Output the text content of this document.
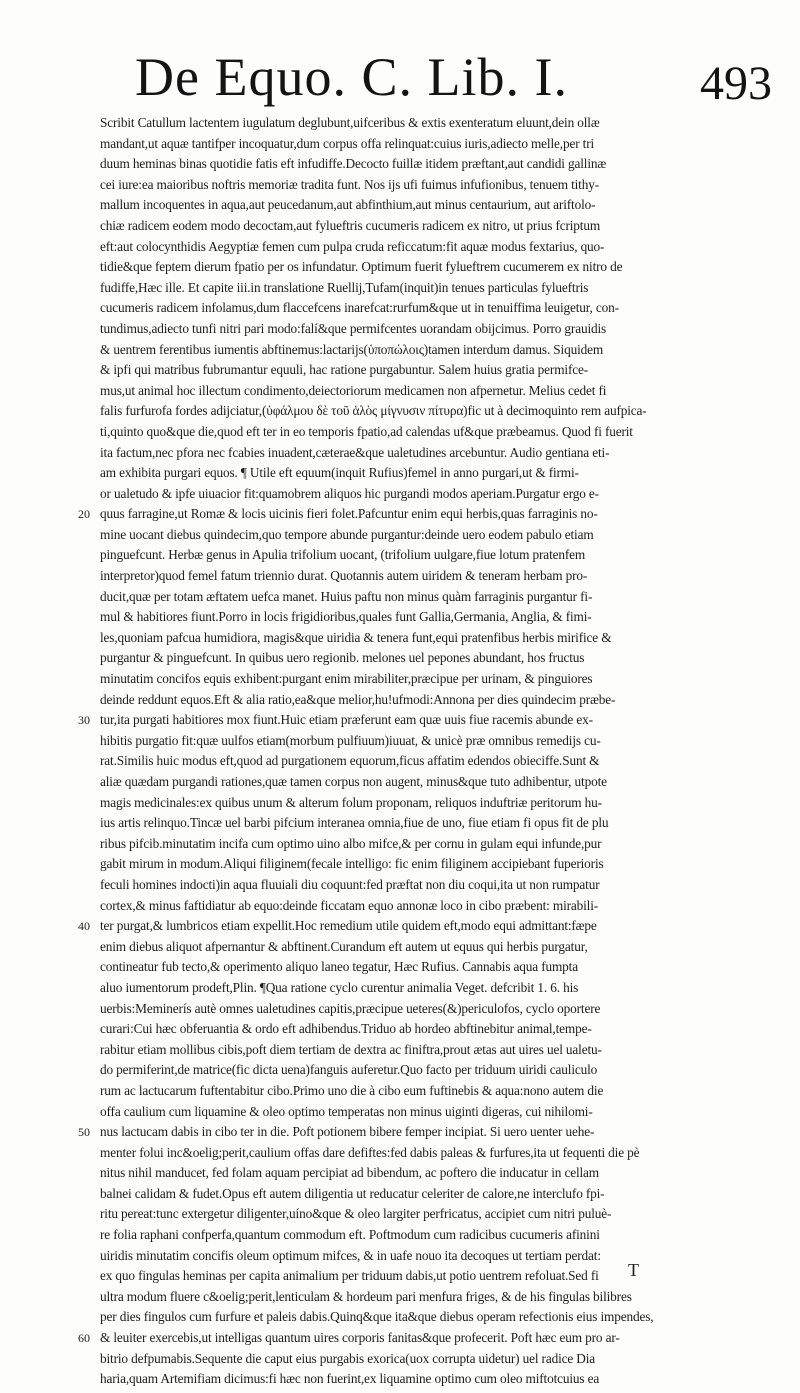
De Equo. C. Lib. I.	493
Scribit Catullum lactentem iugulatum deglubunt,uifceribus & extis exenteratum eluunt,dein ollæ
mandant,ut aquæ tantifper incoquatur,dum corpus offa relinquat:cuius iuris,adiecto melle,per tri
duum heminas binas quotidie fatis eft infudiffe.Decocto fuillæ itidem præftant,aut candidi gallinæ
cei iure:ea maioribus noftris memoriæ tradita funt. Nos ijs ufi fuimus infufionibus, tenuem tithy-
mallum incoquentes in aqua,aut peucedanum,aut abfinthium,aut minus centaurium, aut ariftolo-
chiæ radicem eodem modo decoctam,aut fylueftris cucumeris radicem ex nitro, ut prius fcriptum
eft:aut colocynthidis Aegyptiæ femen cum pulpa cruda reficcatum:fit aquæ modus fextarius, quo-
tidie&que feptem dierum fpatio per os infundatur. Optimum fuerit fylueftrem cucumerem ex nitro de
fudiffe,Hæc ille. Et capite iii.in translatione Ruellij,Tufam(inquit)in tenues particulas fylueftris
cucumeris radicem infolamus,dum flaccefcens inarefcat:rurfum&que ut in tenuiffima leuigetur, con-
tundimus,adiecto tunfi nitri pari modo:falí&que permifcentes uorandam obijcimus. Porro grauidis
& uentrem ferentibus iumentis abftinemus:lactarijs(ὑποπώλοις)tamen interdum damus. Siquidem
& ipfi qui matribus fubrumantur equuli, hac ratione purgabuntur. Salem huius gratia permifce-
mus,ut animal hoc illectum condimento,deiectoriorum medicamen non afpernetur. Melius cedet fi
falis furfurofa fordes adijciatur,(ὑφάλμου δὲ τοῦ ἁλὸς μίγνυσιν πίτυρα)fic ut à decimoquinto rem aufpica-
ti,quinto quo&que die,quod eft ter in eo temporis fpatio,ad calendas uf&que præbeamus. Quod fi fuerit
ita factum,nec pfora nec fcabies inuadent,cæterae&que ualetudines arcebuntur. Audio gentiana eti-
am exhibita purgari equos. ¶ Utile eft equum(inquit Rufius)femel in anno purgari,ut & firmi-
or ualetudo & ipfe uiuacior fit:quamobrem aliquos hic purgandi modos aperiam.Purgatur ergo e-
quus farragine,ut Romæ & locis uicinis fieri folet.Pafcuntur enim equi herbis,quas farraginis no-
mine uocant diebus quindecim,quo tempore abunde purgantur:deinde uero eodem pabulo etiam
pinguefcunt. Herbæ genus in Apulia trifolium uocant, (trifolium uulgare,fiue lotum pratenfem
interpretor)quod femel fatum triennio durat. Quotannis autem uiridem & teneram herbam pro-
ducit,quæ per totam æftatem uefca manet. Huius paftu non minus quàm farraginis purgantur fi-
mul & habitiores fiunt.Porro in locis frigidioribus,quales funt Gallia,Germania, Anglia, & fimi-
les,quoniam pafcua humidiora, magis&que uiridia & tenera funt,equi pratenfibus herbis mirifice &
purgantur & pinguefcunt. In quibus uero regionib. melones uel pepones abundant, hos fructus
minutatim concifos equis exhibent:purgant enim mirabiliter,præcipue per urinam, & pinguiores
deinde reddunt equos.Eft & alia ratio,ea&que melior,hu!ufmodi:Annona per dies quindecim præbe-
tur,ita purgati habitiores mox fiunt.Huic etiam præferunt eam quæ uuis fiue racemis abunde ex-
hibitis purgatio fit:quæ uulfos etiam(morbum pulfiuum)iuuat, & unicè præ omnibus remedijs cu-
rat.Similis huic modus eft,quod ad purgationem equorum,ficus affatim edendos obieciffe.Sunt &
aliæ quædam purgandi rationes,quæ tamen corpus non augent, minus&que tuto adhibentur, utpote
magis medicinales:ex quibus unum & alterum folum proponam, reliquos induftriæ peritorum hu-
ius artis relinquo.Tincæ uel barbi pifcium interanea omnia,fiue de uno, fiue etiam fi opus fit de plu
ribus pifcib.minutatim incifa cum optimo uino albo mifce,& per cornu in gulam equi infunde,pur
gabit mirum in modum.Aliqui filiginem(fecale intelligo: fic enim filiginem accipiebant fuperioris
feculi homines indocti)in aqua fluuiali diu coquunt:fed præftat non diu coqui,ita ut non rumpatur
cortex,& minus faftidiatur ab equo:deinde ficcatam equo annonæ loco in cibo præbent: mirabili-
ter purgat,& lumbricos etiam expellit.Hoc remedium utile quidem eft,modo equi admittant:fæpe
enim diebus aliquot afpernantur & abftinent.Curandum eft autem ut equus qui herbis purgatur,
contineatur fub tecto,& operimento aliquo laneo tegatur, Hæc Rufius. Cannabis aqua fumpta
aluo iumentorum prodeft,Plin. ¶Qua ratione cyclo curentur animalia Veget. defcribit 1. 6. his
uerbis:Meminerís autè omnes ualetudines capitis,præcipue ueteres(&)periculofos, cyclo oportere
curari:Cui hæc obferuantia & ordo eft adhibendus.Triduo ab hordeo abftinebitur animal,tempe-
rabitur etiam mollibus cibis,poft diem tertiam de dextra ac finiftra,prout ætas aut uires uel ualetu-
do permiferint,de matrice(fic dicta uena)fanguis auferetur.Quo facto per triduum uiridi cauliculo
rum ac lactucarum fuftentabitur cibo.Primo uno die à cibo eum fuftinebis & aqua:nono autem die
offa caulium cum liquamine & oleo optimo temperatas non minus uiginti digeras, cui nihilomi-
nus lactucam dabis in cibo ter in die. Poft potionem bibere femper incipiat. Si uero uenter uehe-
menter folui inc&oelig;perit,caulium offas dare defiftes:fed dabis paleas & furfures,ita ut fequenti die pè
nitus nihil manducet, fed folam aquam percipiat ad bibendum, ac poftero die inducatur in cellam
balnei calidam & fudet.Opus eft autem diligentia ut reducatur celeriter de calore,ne interclufo fpi-
ritu pereat:tunc extergetur diligenter,uíno&que & oleo largiter perfricatus, accipiet cum nitri puluè-
re folia raphani confperfa,quantum commodum eft. Poftmodum cum radicibus cucumeris afinini
uiridis minutatim concifis oleum optimum mifces, & in uafe nouo ita decoques ut tertiam perdat:
ex quo fingulas heminas per capita animalium per triduum dabis,ut potio uentrem refoluat.Sed fi
ultra modum fluere c&oelig;perit,lenticulam & hordeum pari menfura friges, & de his fingulas bilibres
per dies fingulos cum furfure et paleis dabis.Quinq&que ita&que diebus operam refectionis eius impendes,
& leuiter exercebis,ut intelligas quantum uires corporis fanitas&que profecerit. Poft hæc eum pro ar-
bitrio defpumabis.Sequente die caput eius purgabis exorica(uox corrupta uidetur) uel radice Dia
haria,quam Artemifiam dicimus:fi hæc non fuerint,ex liquamine optimo cum oleo miftotcuius ea
20
30
40
50
60
T
